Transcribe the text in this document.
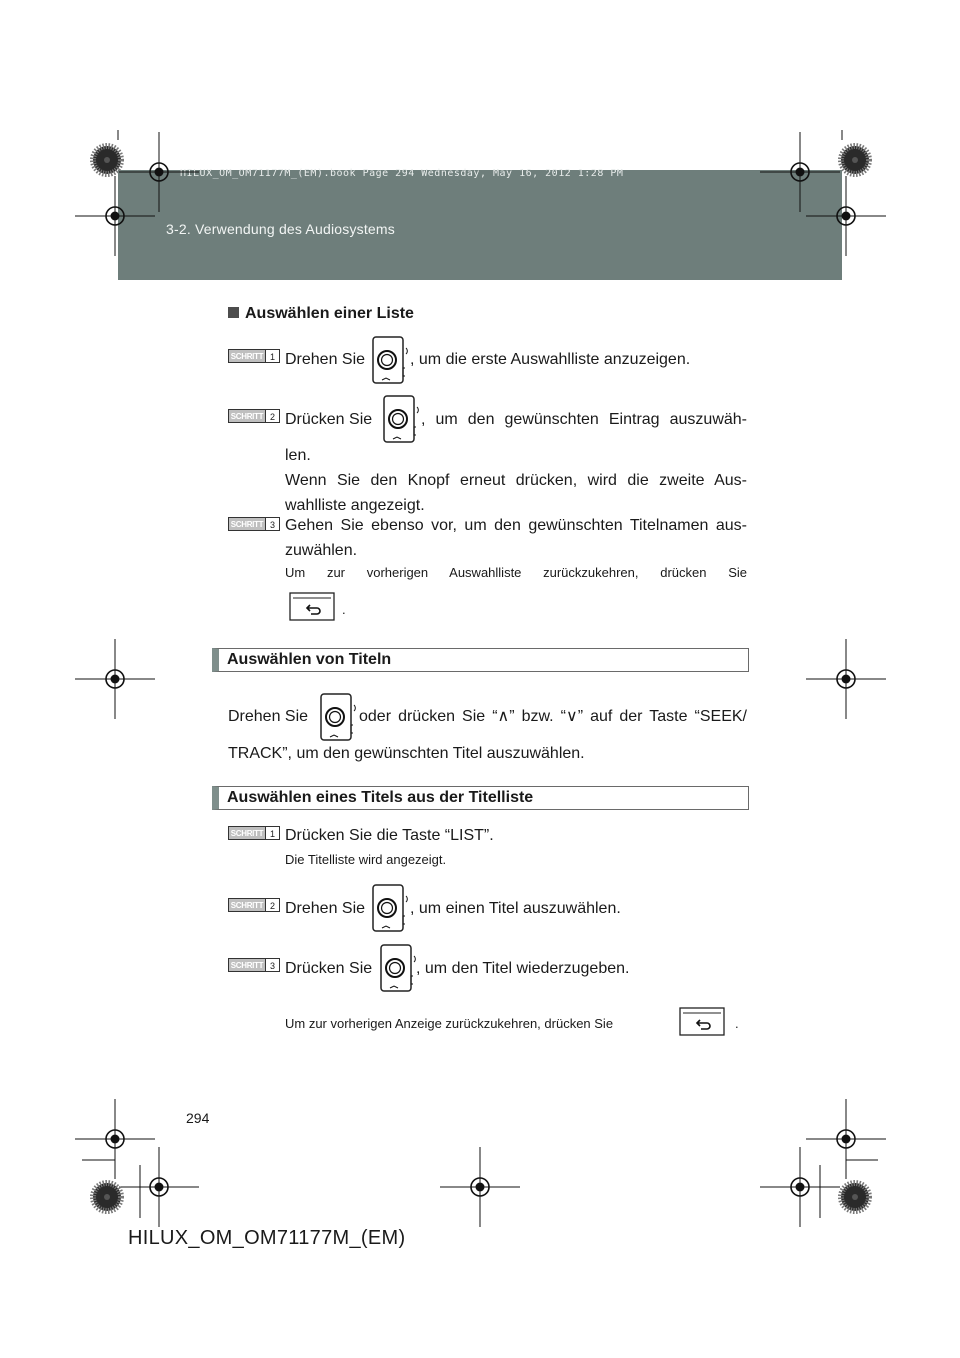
HILUX_OM_OM71177M_(EM).book Page 294 Wednesday, May 16, 2012 1:28 PM
3-2. Verwendung des Audiosystems
Auswählen einer Liste
SCHRITT 1 Drehen Sie	, um die erste Auswahlliste anzuzeigen.
SCHRITT 2 Drücken Sie	, um den gewünschten Eintrag auszuwäh-
len.
Wenn Sie den Knopf erneut drücken, wird die zweite Aus-
wahlliste angezeigt.
SCHRITT 3 Gehen Sie ebenso vor, um den gewünschten Titelnamen aus-
zuwählen.
Um zur vorherigen Auswahlliste zurückzukehren, drücken Sie
.
Auswählen von Titeln
Drehen Sie	oder drücken Sie “∧” bzw. “∨” auf der Taste “SEEK/
TRACK”, um den gewünschten Titel auszuwählen.
Auswählen eines Titels aus der Titelliste
SCHRITT 1 Drücken Sie die Taste “LIST”.
Die Titelliste wird angezeigt.
SCHRITT 2 Drehen Sie	, um einen Titel auszuwählen.
SCHRITT 3 Drücken Sie	, um den Titel wiederzugeben.
Um zur vorherigen Anzeige zurückzukehren, drücken Sie	.
294
HILUX_OM_OM71177M_(EM)
